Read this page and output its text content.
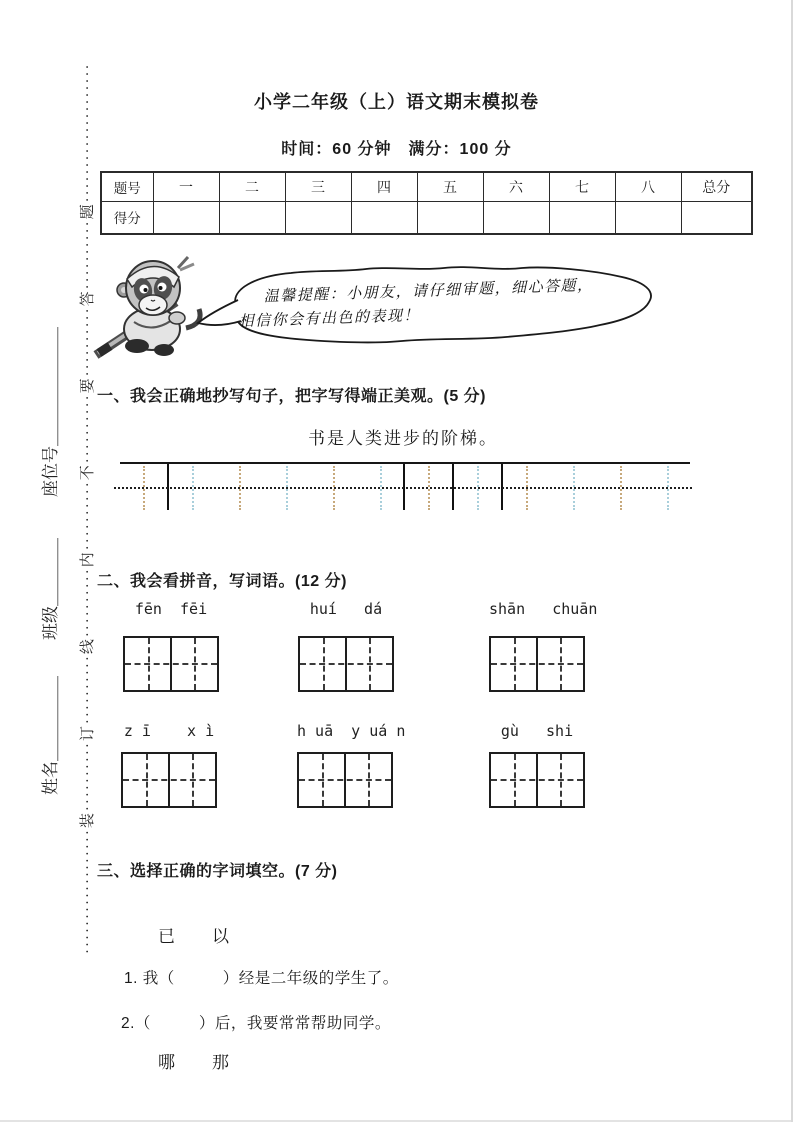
··················装··········订··········线··········内··········不··········要··········答··········题····················
座位号＿＿＿＿＿＿＿
班级＿＿＿＿
姓名＿＿＿＿＿
小学二年级（上）语文期末模拟卷
时间：60 分钟　满分：100 分
题号	一	二	三	四	五	六	七	八	总分
得分									
温馨提醒：小朋友，请仔细审题，细心答题，
相信你会有出色的表现！
一、我会正确地抄写句子，把字写得端正美观。(5 分)
书是人类进步的阶梯。
二、我会看拼音，写词语。(12 分)
fēn  fēi	huí   dá	shān   chuān
z ī    x ì	h uā  y uá n	gù   shi
三、选择正确的字词填空。(7 分)
已　　以
1. 我（　　　）经是二年级的学生了。
2.（　　　）后，我要常常帮助同学。
哪　　那
